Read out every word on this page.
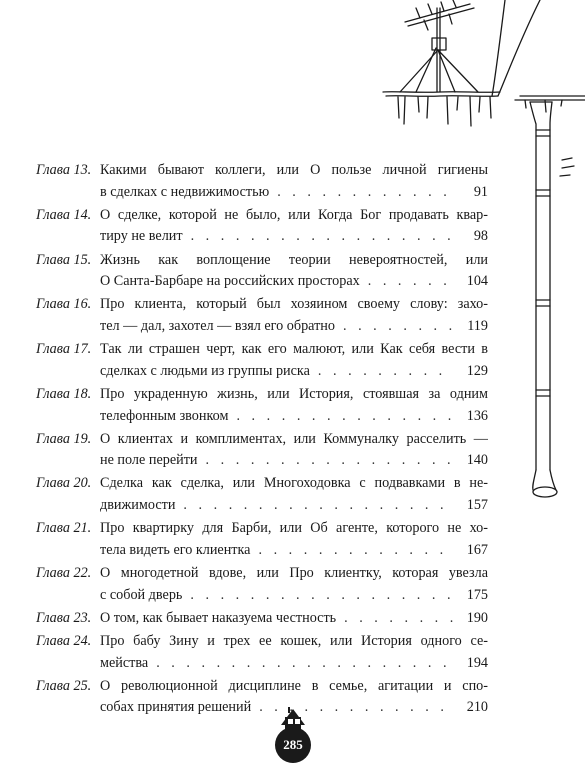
Глава 13. Какими бывают коллеги, или О пользе личной гигиены
в сделках с недвижимостью . . .	91
Глава 14. О сделке, которой не было, или Когда Бог продавать квар-
тиру не велит . . .	98
Глава 15. Жизнь как воплощение теории невероятностей, или
О Санта-Барбаре на российских просторах . . .	104
Глава 16. Про клиента, который был хозяином своему слову: захо-
тел — дал, захотел — взял его обратно . . .	119
Глава 17. Так ли страшен черт, как его малюют, или Как себя вести в
сделках с людьми из группы риска . . .	129
Глава 18. Про украденную жизнь, или История, стоявшая за одним
телефонным звонком . . .	136
Глава 19. О клиентах и комплиментах, или Коммуналку расселить —
не поле перейти . . .	140
Глава 20. Сделка как сделка, или Многоходовка с подвавками в не-
движимости . . .	157
Глава 21. Про квартирку для Барби, или Об агенте, которого не хо-
тела видеть его клиентка . . .	167
Глава 22. О многодетной вдове, или Про клиентку, которая увезла
с собой дверь . . .	175
Глава 23. О том, как бывает наказуема честность . . .	190
Глава 24. Про бабу Зину и трех ее кошек, или История одного се-
мейства . . .	194
Глава 25. О революционной дисциплине в семье, агитации и спо-
собах принятия решений . . .	210
285
